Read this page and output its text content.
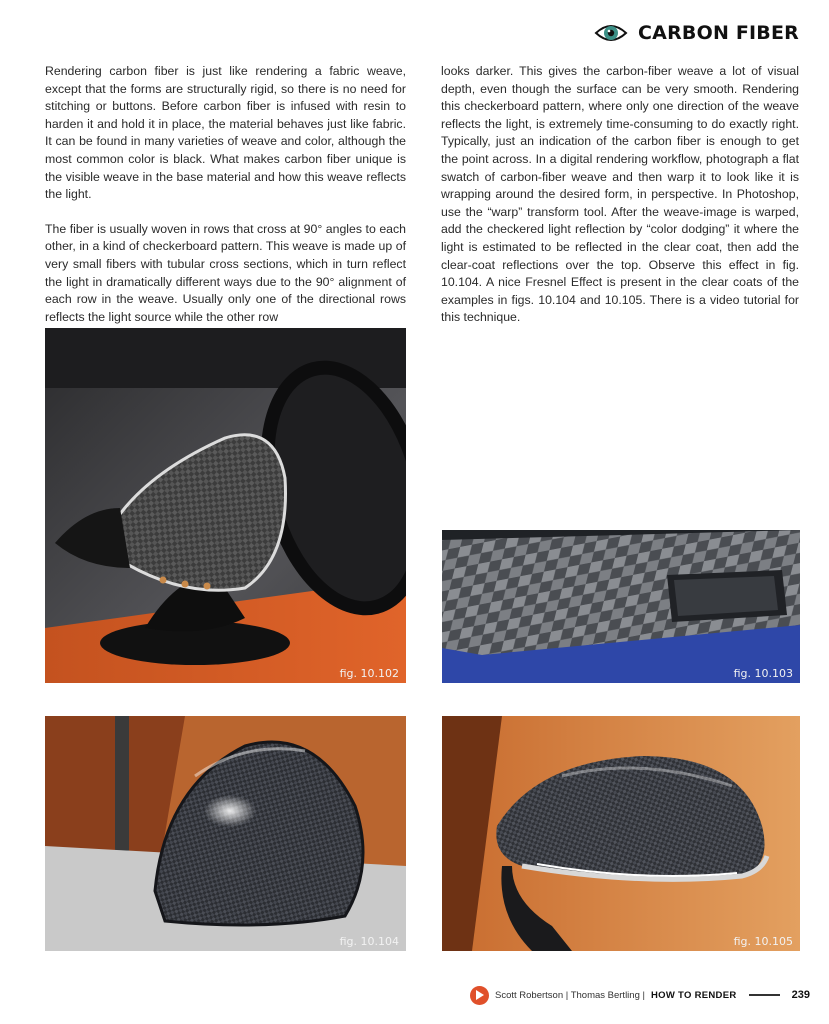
CARBON FIBER

Rendering carbon fiber is just like rendering a fabric weave, except that the forms are structurally rigid, so there is no need for stitching or buttons. Before carbon fiber is infused with resin to harden it and hold it in place, the material behaves just like fabric. It can be found in many varieties of weave and color, although the most common color is black. What makes carbon fiber unique is the visible weave in the base material and how this weave reflects the light.

The fiber is usually woven in rows that cross at 90° angles to each other, in a kind of checkerboard pattern. This weave is made up of very small fibers with tubular cross sections, which in turn reflect the light in dramatically different ways due to the 90° alignment of each row in the weave. Usually only one of the directional rows reflects the light source while the other row

looks darker. This gives the carbon-fiber weave a lot of visual depth, even though the surface can be very smooth. Rendering this checkerboard pattern, where only one direction of the weave reflects the light, is extremely time-consuming to do exactly right. Typically, just an indication of the carbon fiber is enough to get the point across. In a digital rendering workflow, photograph a flat swatch of carbon-fiber weave and then warp it to look like it is wrapping around the desired form, in perspective. In Photoshop, use the “warp” transform tool. After the weave-image is warped, add the checkered light reflection by “color dodging” it where the light is estimated to be reflected in the clear coat, then add the clear-coat reflections over the top. Observe this effect in fig. 10.104. A nice Fresnel Effect is present in the clear coats of the examples in figs. 10.104 and 10.105. There is a video tutorial for this technique.

fig. 10.102	fig. 10.103
fig. 10.104	fig. 10.105
Scott Robertson | Thomas Bertling | HOW TO RENDER	239
